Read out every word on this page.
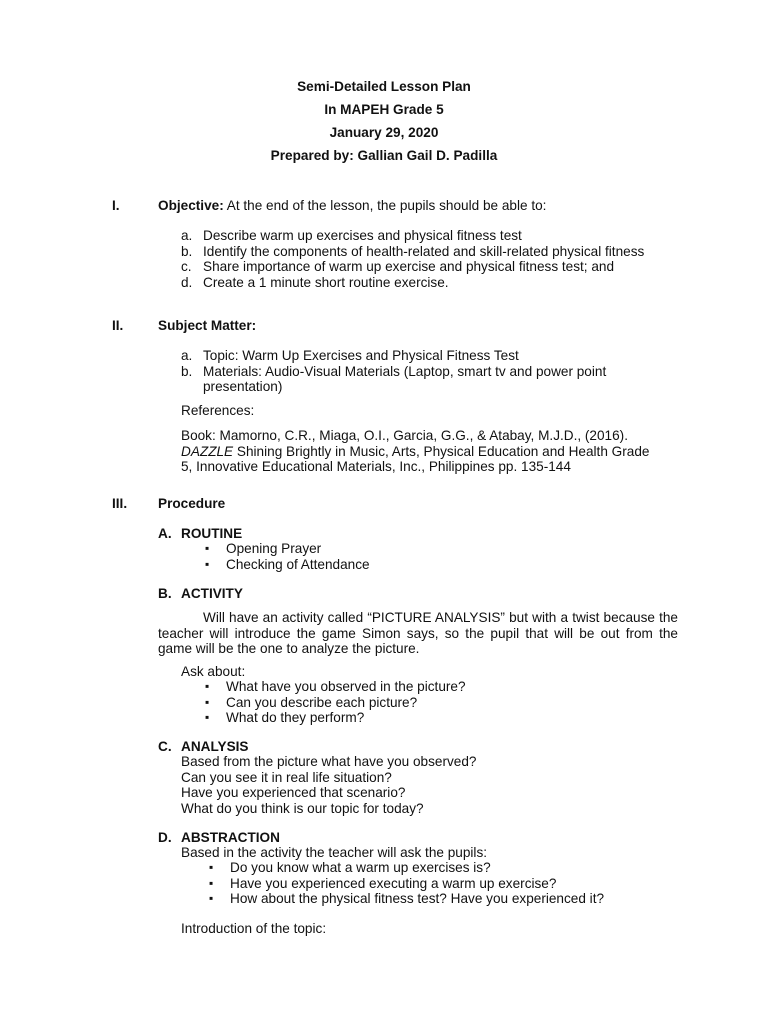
Semi-Detailed Lesson Plan
In MAPEH Grade 5
January 29, 2020
Prepared by: Gallian Gail D. Padilla
I.	Objective: At the end of the lesson, the pupils should be able to:
a. Describe warm up exercises and physical fitness test
b. Identify the components of health-related and skill-related physical fitness
c. Share importance of warm up exercise and physical fitness test; and
d. Create a 1 minute short routine exercise.
II.	Subject Matter:
a. Topic: Warm Up Exercises and Physical Fitness Test
b. Materials: Audio-Visual Materials (Laptop, smart tv and power point presentation)
References:
Book: Mamorno, C.R., Miaga, O.I., Garcia, G.G., & Atabay, M.J.D., (2016). DAZZLE Shining Brightly in Music, Arts, Physical Education and Health Grade 5, Innovative Educational Materials, Inc., Philippines pp. 135-144
III. Procedure
A. ROUTINE
▪ Opening Prayer
▪ Checking of Attendance
B. ACTIVITY
Will have an activity called “PICTURE ANALYSIS” but with a twist because the teacher will introduce the game Simon says, so the pupil that will be out from the game will be the one to analyze the picture.
Ask about:
▪ What have you observed in the picture?
▪ Can you describe each picture?
▪ What do they perform?
C. ANALYSIS
Based from the picture what have you observed?
Can you see it in real life situation?
Have you experienced that scenario?
What do you think is our topic for today?
D. ABSTRACTION
Based in the activity the teacher will ask the pupils:
▪ Do you know what a warm up exercises is?
▪ Have you experienced executing a warm up exercise?
▪ How about the physical fitness test? Have you experienced it?
Introduction of the topic:
